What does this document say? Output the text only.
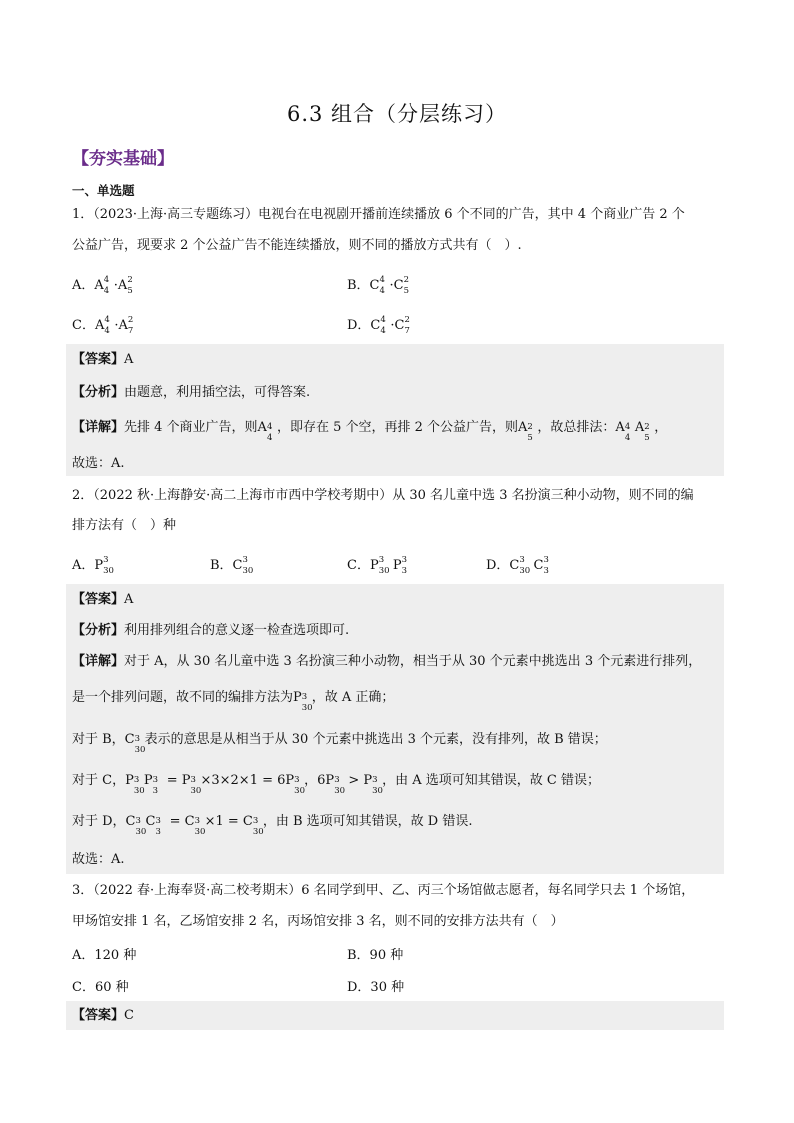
6.3 组合（分层练习）
【夯实基础】
一、单选题
1．（2023·上海·高三专题练习）电视台在电视剧开播前连续播放 6 个不同的广告，其中 4 个商业广告 2 个
公益广告，现要求 2 个公益广告不能连续播放，则不同的播放方式共有（　）.
A．A 4
4 ·A 2
5	B．C 4
4 ·C 2
5
C．A 4
4 ·A 2
7	D．C 4
4 ·C 2
7
【答案】A
【分析】由题意，利用插空法，可得答案.
【详解】先排 4 个商业广告，则A 4
4
，即存在 5 个空，再排 2 个公益广告，则A 2
5
，故总排法：A 4
4
A 2
5
，
故选：A.
2．（2022 秋·上海静安·高二上海市市西中学校考期中）从 30 名儿童中选 3 名扮演三种小动物，则不同的编
排方法有（　）种
A．P 3
30	B．C 3
30	C．P 3
30 P 3
3	D．C 3
30 C 3
3
【答案】A
【分析】利用排列组合的意义逐一检查选项即可.
【详解】对于 A，从 30 名儿童中选 3 名扮演三种小动物，相当于从 30 个元素中挑选出 3 个元素进行排列，
是一个排列问题，故不同的编排方法为P 3
30
，故 A 正确；
对于 B，C 3
30
表示的意思是从相当于从 30 个元素中挑选出 3 个元素，没有排列，故 B 错误；
对于 C，P 3
30
P 3
3
= P 3
30
×3×2×1 = 6P 3
30
，6P 3
30
> P 3
30
，由 A 选项可知其错误，故 C 错误；
对于 D，C 3
30
C 3
3
= C 3
30
×1 = C 3
30
，由 B 选项可知其错误，故 D 错误.
故选：A.
3．（2022 春·上海奉贤·高二校考期末）6 名同学到甲、乙、丙三个场馆做志愿者，每名同学只去 1 个场馆，
甲场馆安排 1 名，乙场馆安排 2 名，丙场馆安排 3 名，则不同的安排方法共有（　）
A．120 种	B．90 种
C．60 种	D．30 种
【答案】C
